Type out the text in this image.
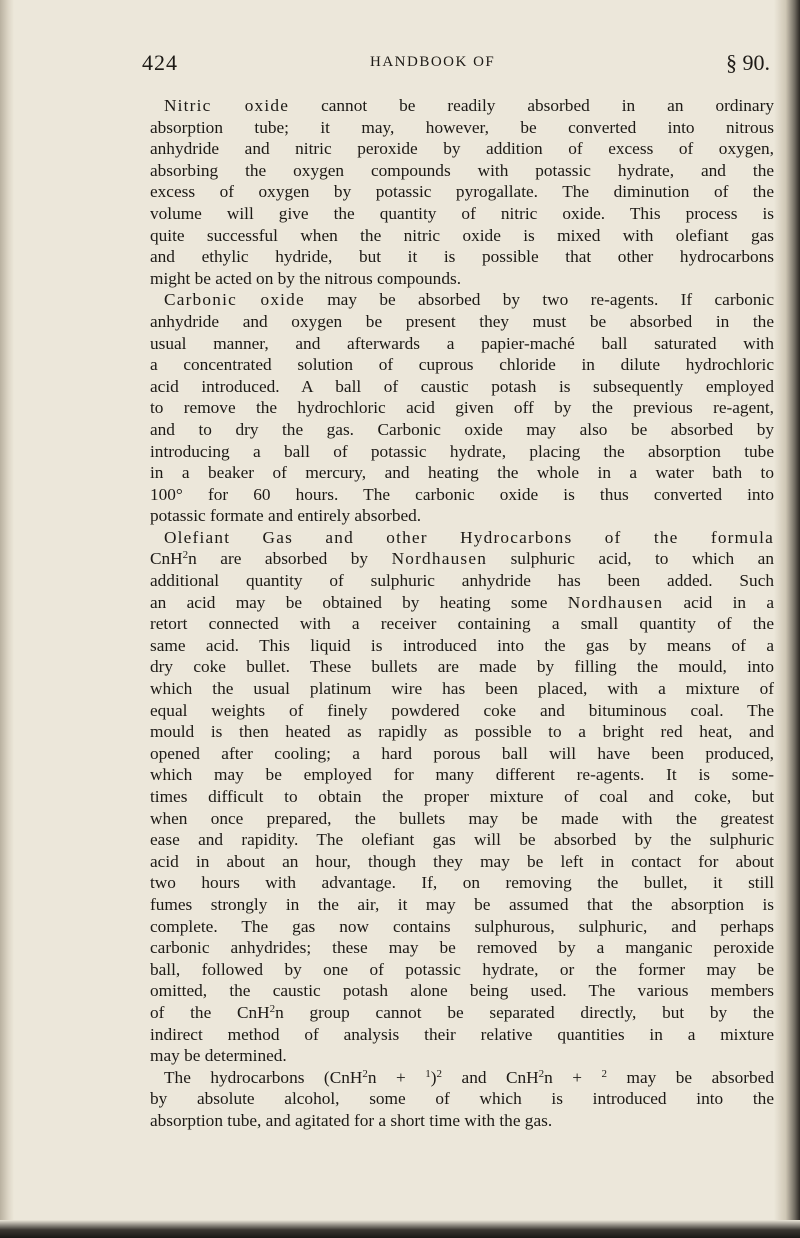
424	HANDBOOK OF	§ 90.
Nitric oxide cannot be readily absorbed in an ordinary
absorption tube; it may, however, be converted into nitrous
anhydride and nitric peroxide by addition of excess of oxygen,
absorbing the oxygen compounds with potassic hydrate, and the
excess of oxygen by potassic pyrogallate. The diminution of the
volume will give the quantity of nitric oxide. This process is
quite successful when the nitric oxide is mixed with olefiant gas
and ethylic hydride, but it is possible that other hydrocarbons
might be acted on by the nitrous compounds.
Carbonic oxide may be absorbed by two re-agents. If carbonic
anhydride and oxygen be present they must be absorbed in the
usual manner, and afterwards a papier-maché ball saturated with
a concentrated solution of cuprous chloride in dilute hydrochloric
acid introduced. A ball of caustic potash is subsequently employed
to remove the hydrochloric acid given off by the previous re-agent,
and to dry the gas. Carbonic oxide may also be absorbed by
introducing a ball of potassic hydrate, placing the absorption tube
in a beaker of mercury, and heating the whole in a water bath to
100° for 60 hours. The carbonic oxide is thus converted into
potassic formate and entirely absorbed.
Olefiant Gas and other Hydrocarbons of the formula
CnH$^2$n are absorbed by Nordhausen sulphuric acid, to which an
additional quantity of sulphuric anhydride has been added. Such
an acid may be obtained by heating some Nordhausen acid in a
retort connected with a receiver containing a small quantity of the
same acid. This liquid is introduced into the gas by means of a
dry coke bullet. These bullets are made by filling the mould, into
which the usual platinum wire has been placed, with a mixture of
equal weights of finely powdered coke and bituminous coal. The
mould is then heated as rapidly as possible to a bright red heat, and
opened after cooling; a hard porous ball will have been produced,
which may be employed for many different re-agents. It is some-
times difficult to obtain the proper mixture of coal and coke, but
when once prepared, the bullets may be made with the greatest
ease and rapidity. The olefiant gas will be absorbed by the sulphuric
acid in about an hour, though they may be left in contact for about
two hours with advantage. If, on removing the bullet, it still
fumes strongly in the air, it may be assumed that the absorption is
complete. The gas now contains sulphurous, sulphuric, and perhaps
carbonic anhydrides; these may be removed by a manganic peroxide
ball, followed by one of potassic hydrate, or the former may be
omitted, the caustic potash alone being used. The various members
of the CnH$^2$n group cannot be separated directly, but by the
indirect method of analysis their relative quantities in a mixture
may be determined.
The hydrocarbons $(CnH^2n + ^1)^2$ and CnH$^2$n + $^2$ may be absorbed
by absolute alcohol, some of which is introduced into the
absorption tube, and agitated for a short time with the gas.
